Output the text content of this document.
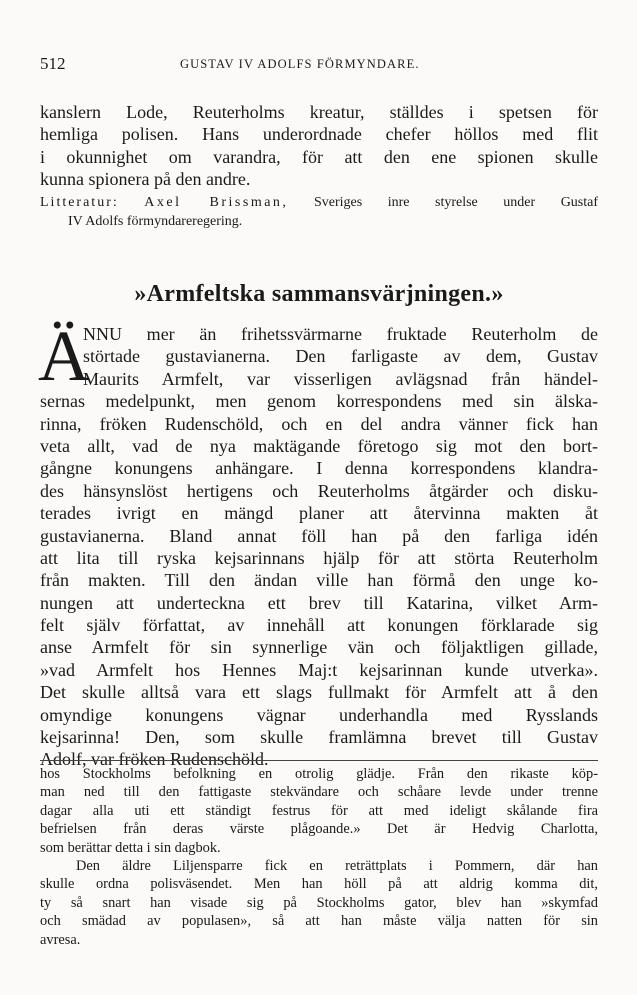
512	GUSTAV IV ADOLFS FÖRMYNDARE.
kanslern Lode, Reuterholms kreatur, ställdes i spetsen för
hemliga polisen. Hans underordnade chefer höllos med flit
i okunnighet om varandra, för att den ene spionen skulle
kunna spionera på den andre.
Litteratur: Axel Brissman, Sveriges inre styrelse under Gustaf
IV Adolfs förmyndareregering.
»Armfeltska sammansvärjningen.»
Ä
NNU mer än frihetssvärmarne fruktade Reuterholm de
störtade gustavianerna. Den farligaste av dem, Gustav
Maurits Armfelt, var visserligen avlägsnad från händel-
sernas medelpunkt, men genom korrespondens med sin älska-
rinna, fröken Rudenschöld, och en del andra vänner fick han
veta allt, vad de nya maktägande företogo sig mot den bort-
gångne konungens anhängare. I denna korrespondens klandra-
des hänsynslöst hertigens och Reuterholms åtgärder och disku-
terades ivrigt en mängd planer att återvinna makten åt
gustavianerna. Bland annat föll han på den farliga idén
att lita till ryska kejsarinnans hjälp för att störta Reuterholm
från makten. Till den ändan ville han förmå den unge ko-
nungen att underteckna ett brev till Katarina, vilket Arm-
felt själv författat, av innehåll att konungen förklarade sig
anse Armfelt för sin synnerlige vän och följaktligen gillade,
»vad Armfelt hos Hennes Maj:t kejsarinnan kunde utverka».
Det skulle alltså vara ett slags fullmakt för Armfelt att å den
omyndige konungens vägnar underhandla med Rysslands
kejsarinna! Den, som skulle framlämna brevet till Gustav
Adolf, var fröken Rudenschöld.
hos Stockholms befolkning en otrolig glädje. Från den rikaste köp-
man ned till den fattigaste stekvändare och schåare levde under trenne
dagar alla uti ett ständigt festrus för att med ideligt skålande fira
befrielsen från deras värste plågoande.» Det är Hedvig Charlotta,
som berättar detta i sin dagbok.
Den äldre Liljensparre fick en reträttplats i Pommern, där han
skulle ordna polisväsendet. Men han höll på att aldrig komma dit,
ty så snart han visade sig på Stockholms gator, blev han »skymfad
och smädad av populasen», så att han måste välja natten för sin
avresa.
